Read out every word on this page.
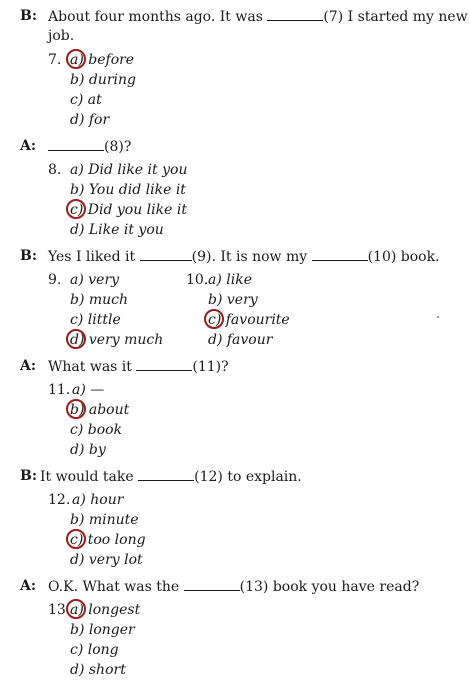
B: About four months ago. It was	(7) I started my new
job.
7. a) before
b) during
c) at
d) for
A:	(8)?
8. a) Did like it you
b) You did like it
c) Did you like it
d) Like it you
B: Yes I liked it	(9). It is now my	(10) book.
9. a) very
b) much
c) little
d) very much
10. a) like
b) very
c) favourite
d) favour
A: What was it	(11)?
11. a) —
b) about
c) book
d) by
B: It would take	(12) to explain.
12. a) hour
b) minute
c) too long
d) very lot
A: O.K. What was the	(13) book you have read?
13. a) longest
b) longer
c) long
d) short
